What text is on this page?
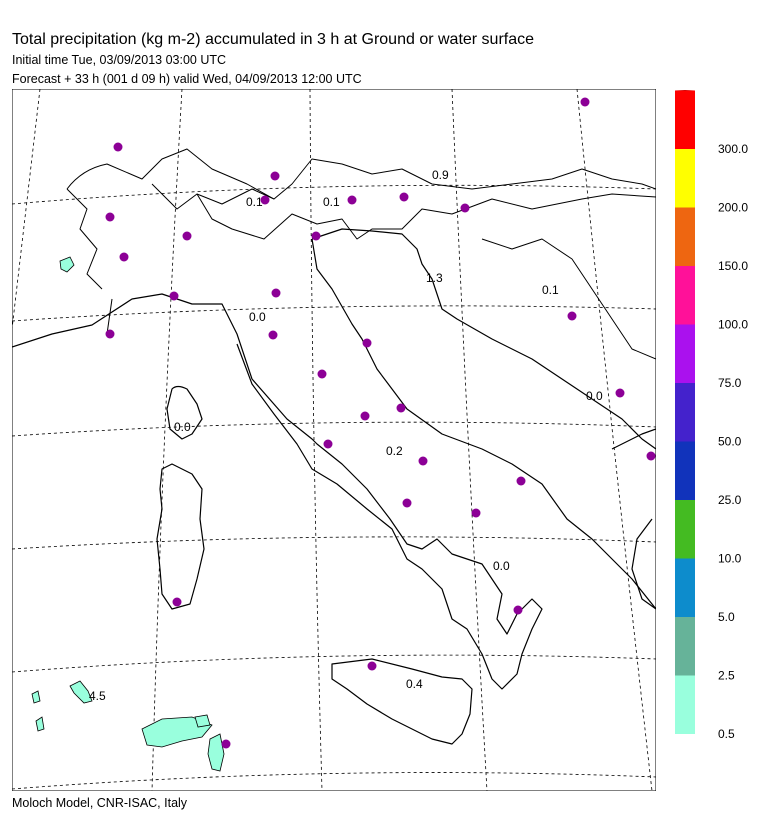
Total precipitation (kg m-2) accumulated in 3 h at Ground or water surface
Initial time Tue, 03/09/2013 03:00 UTC
Forecast + 33 h (001 d 09 h) valid Wed, 04/09/2013 12:00 UTC
0.9
0.1	0.1
1.3
0.1
0.0
0.0
0.0
0.2
0.0
0.4
4.5
0.5
2.5
5.0
10.0
25.0
50.0
75.0
100.0
150.0
200.0
300.0
Moloch Model, CNR-ISAC, Italy
